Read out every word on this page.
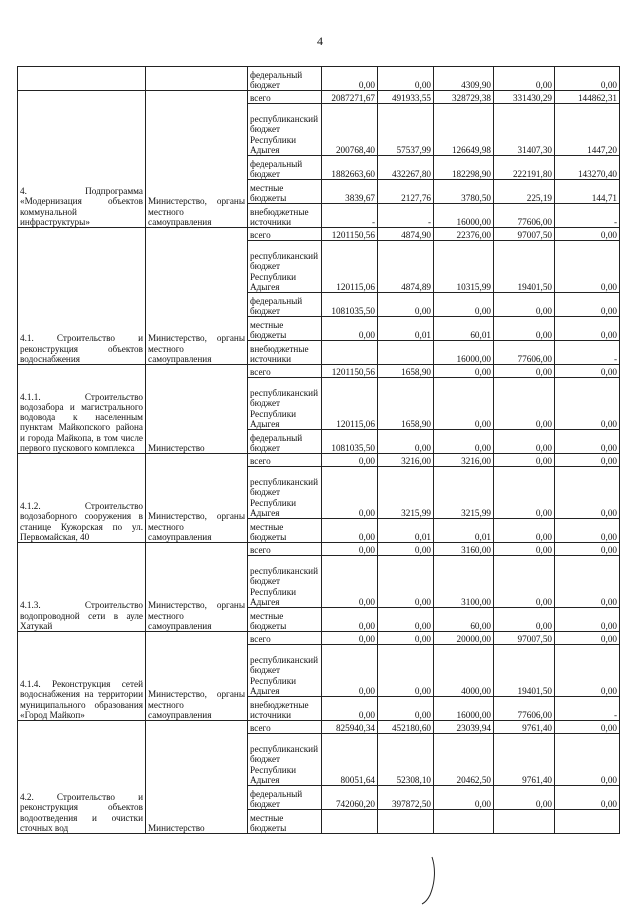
4
		федеральный бюджет	0,00	0,00	4309,90	0,00	0,00
4. Подпрограмма «Модернизация объектов коммунальной инфраструктуры»	Министерство, органы местного самоуправления	всего	2087271,67	491933,55	328729,38	331430,29	144862,31
		республиканский бюджет Республики Адыгея	200768,40	57537,99	126649,98	31407,30	1447,20
		федеральный бюджет	1882663,60	432267,80	182298,90	222191,80	143270,40
		местные бюджеты	3839,67	2127,76	3780,50	225,19	144,71
		внебюджетные источники	-	-	16000,00	77606,00	-
4.1. Строительство и реконструкция объектов водоснабжения	Министерство, органы местного самоуправления	всего	1201150,56	4874,90	22376,00	97007,50	0,00
		республиканский бюджет Республики Адыгея	120115,06	4874,89	10315,99	19401,50	0,00
		федеральный бюджет	1081035,50	0,00	0,00	0,00	0,00
		местные бюджеты	0,00	0,01	60,01	0,00	0,00
		внебюджетные источники			16000,00	77606,00	-
4.1.1. Строительство водозабора и магистрального водовода к населенным пунктам Майкопского района и города Майкопа, в том числе первого пускового комплекса	Министерство	всего	1201150,56	1658,90	0,00	0,00	0,00
		республиканский бюджет Республики Адыгея	120115,06	1658,90	0,00	0,00	0,00
		федеральный бюджет	1081035,50	0,00	0,00	0,00	0,00
4.1.2. Строительство водозаборного сооружения в станице Кужорская по ул. Первомайская, 40	Министерство, органы местного самоуправления	всего	0,00	3216,00	3216,00	0,00	0,00
		республиканский бюджет Республики Адыгея	0,00	3215,99	3215,99	0,00	0,00
		местные бюджеты	0,00	0,01	0,01	0,00	0,00
4.1.3. Строительство водопроводной сети в ауле Хатукай	Министерство, органы местного самоуправления	всего	0,00	0,00	3160,00	0,00	0,00
		республиканский бюджет Республики Адыгея	0,00	0,00	3100,00	0,00	0,00
		местные бюджеты	0,00	0,00	60,00	0,00	0,00
4.1.4. Реконструкция сетей водоснабжения на территории муниципального образования «Город Майкоп»	Министерство, органы местного самоуправления	всего	0,00	0,00	20000,00	97007,50	0,00
		республиканский бюджет Республики Адыгея	0,00	0,00	4000,00	19401,50	0,00
		внебюджетные источники	0,00	0,00	16000,00	77606,00	-
4.2. Строительство и реконструкция объектов водоотведения и очистки сточных вод	Министерство	всего	825940,34	452180,60	23039,94	9761,40	0,00
		республиканский бюджет Республики Адыгея	80051,64	52308,10	20462,50	9761,40	0,00
		федеральный бюджет	742060,20	397872,50	0,00	0,00	0,00
		местные бюджеты					
